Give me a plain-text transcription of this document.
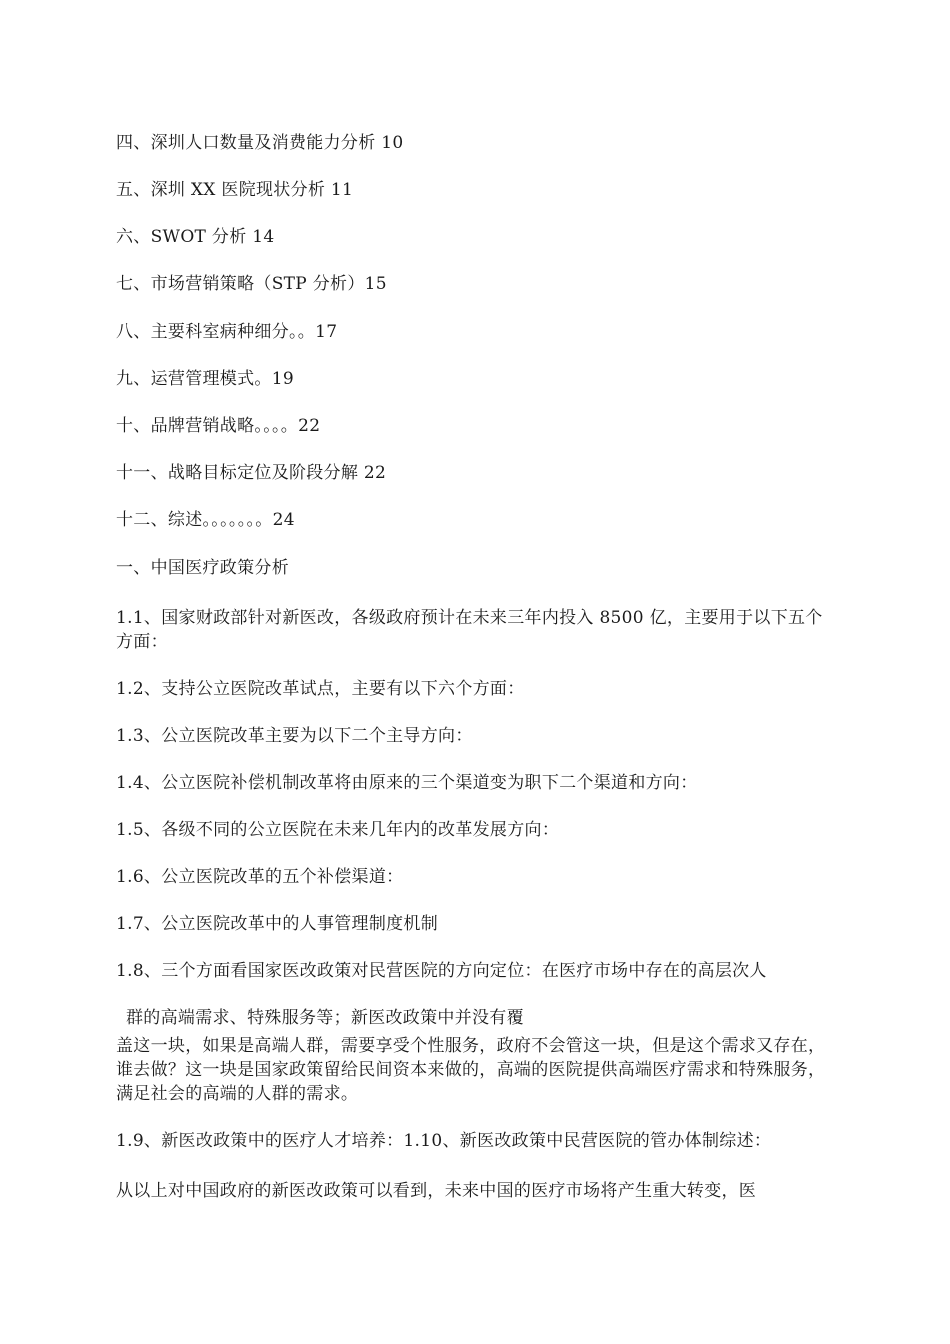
四、深圳人口数量及消费能力分析 10
五、深圳 XX 医院现状分析 11
六、SWOT 分析 14
七、市场营销策略（STP 分析）15
八、主要科室病种细分。。17
九、运营管理模式。19
十、品牌营销战略。。。。22
十一、战略目标定位及阶段分解 22
十二、综述。。。。。。。24
一、中国医疗政策分析
1.1、国家财政部针对新医改，各级政府预计在未来三年内投入 8500 亿，主要用于以下五个方面：
1.2、支持公立医院改革试点，主要有以下六个方面：
1.3、公立医院改革主要为以下二个主导方向：
1.4、公立医院补偿机制改革将由原来的三个渠道变为职下二个渠道和方向：
1.5、各级不同的公立医院在未来几年内的改革发展方向：
1.6、公立医院改革的五个补偿渠道：
1.7、公立医院改革中的人事管理制度机制
1.8、三个方面看国家医改政策对民营医院的方向定位：在医疗市场中存在的高层次人
群的高端需求、特殊服务等；新医改政策中并没有覆
盖这一块，如果是高端人群，需要享受个性服务，政府不会管这一块，但是这个需求又存在，谁去做？这一块是国家政策留给民间资本来做的，高端的医院提供高端医疗需求和特殊服务，满足社会的高端的人群的需求。
1.9、新医改政策中的医疗人才培养：1.10、新医改政策中民营医院的管办体制综述：
从以上对中国政府的新医改政策可以看到，未来中国的医疗市场将产生重大转变，医
